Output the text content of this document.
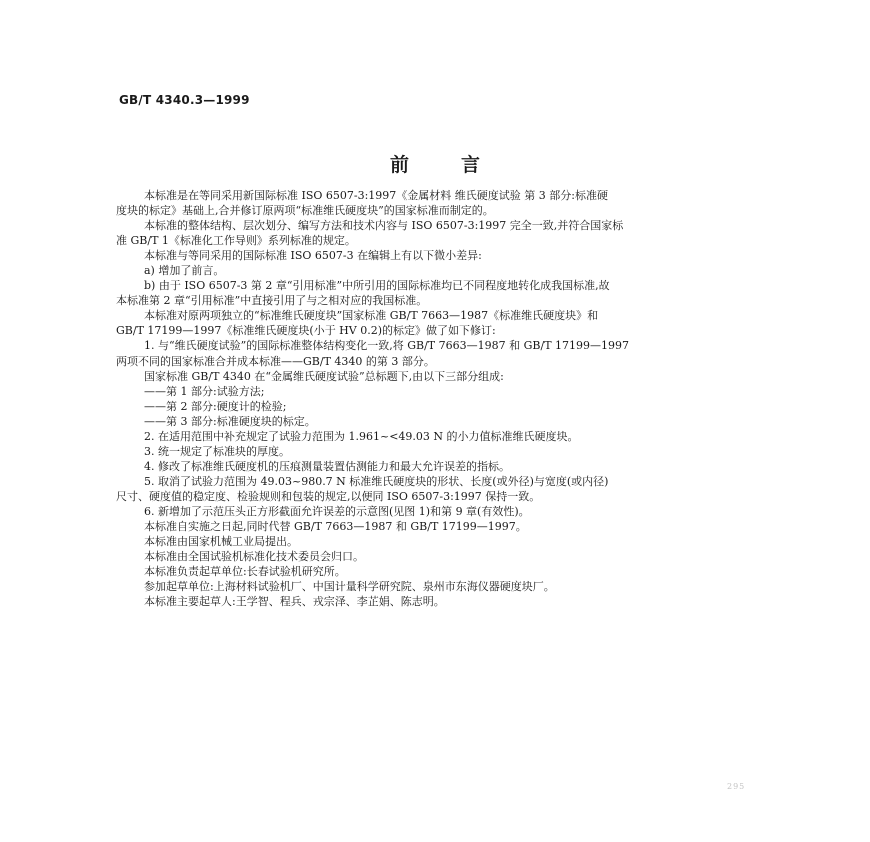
GB/T 4340.3—1999
前言

本标准是在等同采用新国际标准 ISO 6507-3:1997《金属材料 维氏硬度试验 第 3 部分:标准硬

度块的标定》基础上,合并修订原两项“标准维氏硬度块”的国家标准而制定的。

本标准的整体结构、层次划分、编写方法和技术内容与 ISO 6507-3:1997 完全一致,并符合国家标

准 GB/T 1《标准化工作导则》系列标准的规定。

本标准与等同采用的国际标准 ISO 6507-3 在编辑上有以下微小差异:

a) 增加了前言。

b) 由于 ISO 6507-3 第 2 章“引用标准”中所引用的国际标准均已不同程度地转化成我国标准,故

本标准第 2 章“引用标准”中直接引用了与之相对应的我国标准。

本标准对原两项独立的“标准维氏硬度块”国家标准 GB/T 7663—1987《标准维氏硬度块》和

GB/T 17199—1997《标准维氏硬度块(小于 HV 0.2)的标定》做了如下修订:

1. 与“维氏硬度试验”的国际标准整体结构变化一致,将 GB/T 7663—1987 和 GB/T 17199—1997

两项不同的国家标准合并成本标准——GB/T 4340 的第 3 部分。

国家标准 GB/T 4340 在“金属维氏硬度试验”总标题下,由以下三部分组成:

——第 1 部分:试验方法;

——第 2 部分:硬度计的检验;

——第 3 部分:标准硬度块的标定。

2. 在适用范围中补充规定了试验力范围为 1.961~<49.03 N 的小力值标准维氏硬度块。

3. 统一规定了标准块的厚度。

4. 修改了标准维氏硬度机的压痕测量装置估测能力和最大允许误差的指标。

5. 取消了试验力范围为 49.03~980.7 N 标准维氏硬度块的形状、长度(或外径)与宽度(或内径)

尺寸、硬度值的稳定度、检验规则和包装的规定,以便同 ISO 6507-3:1997 保持一致。

6. 新增加了示范压头正方形截面允许误差的示意图(见图 1)和第 9 章(有效性)。

本标准自实施之日起,同时代替 GB/T 7663—1987 和 GB/T 17199—1997。

本标准由国家机械工业局提出。

本标准由全国试验机标准化技术委员会归口。

本标准负责起草单位:长春试验机研究所。

参加起草单位:上海材料试验机厂、中国计量科学研究院、泉州市东海仪器硬度块厂。

本标准主要起草人:王学智、程兵、戎宗泽、李芷娟、陈志明。

295
